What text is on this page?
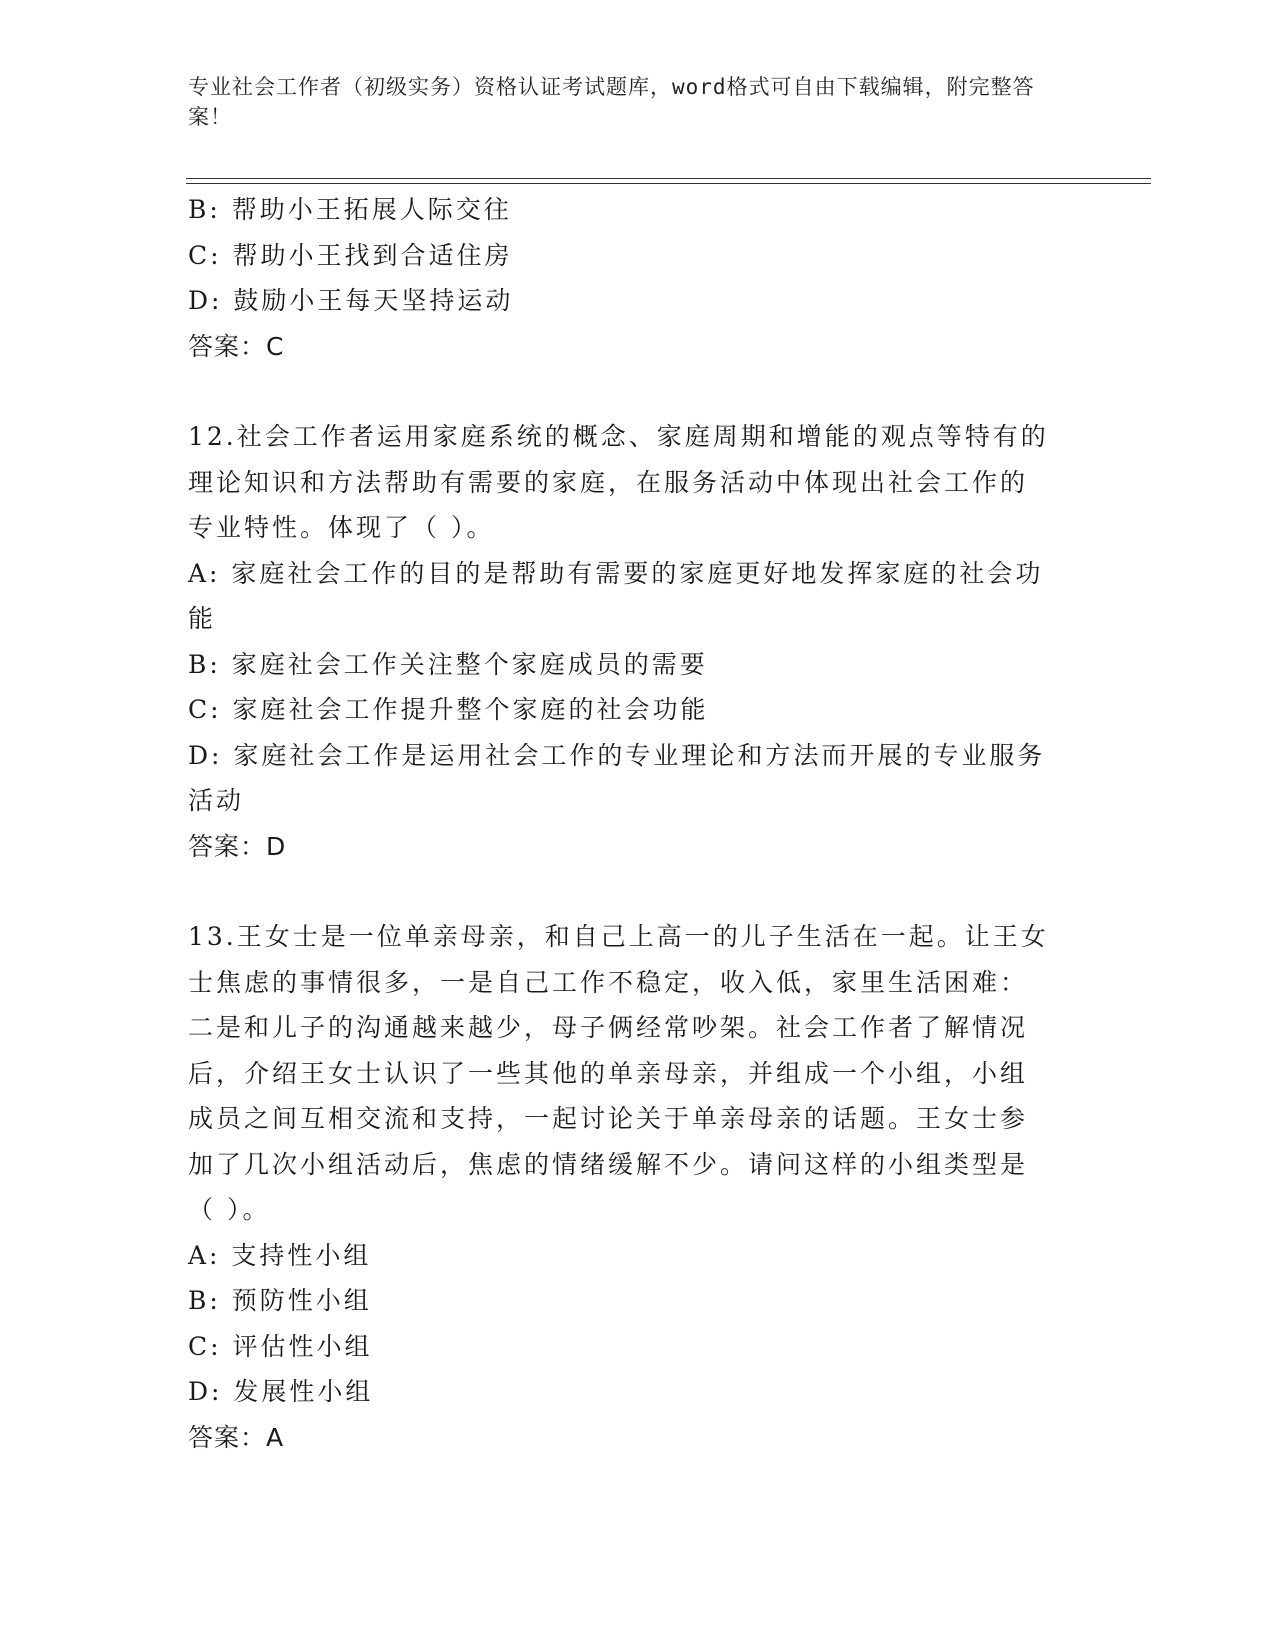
专业社会工作者（初级实务）资格认证考试题库，word格式可自由下载编辑，附完整答案！
B: 帮助小王拓展人际交往
C: 帮助小王找到合适住房
D: 鼓励小王每天坚持运动
答案：C
12.社会工作者运用家庭系统的概念、家庭周期和增能的观点等特有的
理论知识和方法帮助有需要的家庭，在服务活动中体现出社会工作的
专业特性。体现了（ ）。
A: 家庭社会工作的目的是帮助有需要的家庭更好地发挥家庭的社会功
能
B: 家庭社会工作关注整个家庭成员的需要
C: 家庭社会工作提升整个家庭的社会功能
D: 家庭社会工作是运用社会工作的专业理论和方法而开展的专业服务
活动
答案：D
13.王女士是一位单亲母亲，和自己上高一的儿子生活在一起。让王女
士焦虑的事情很多，一是自己工作不稳定，收入低，家里生活困难：
二是和儿子的沟通越来越少，母子俩经常吵架。社会工作者了解情况
后，介绍王女士认识了一些其他的单亲母亲，并组成一个小组，小组
成员之间互相交流和支持，一起讨论关于单亲母亲的话题。王女士参
加了几次小组活动后，焦虑的情绪缓解不少。请问这样的小组类型是
（ ）。
A: 支持性小组
B: 预防性小组
C: 评估性小组
D: 发展性小组
答案：A
